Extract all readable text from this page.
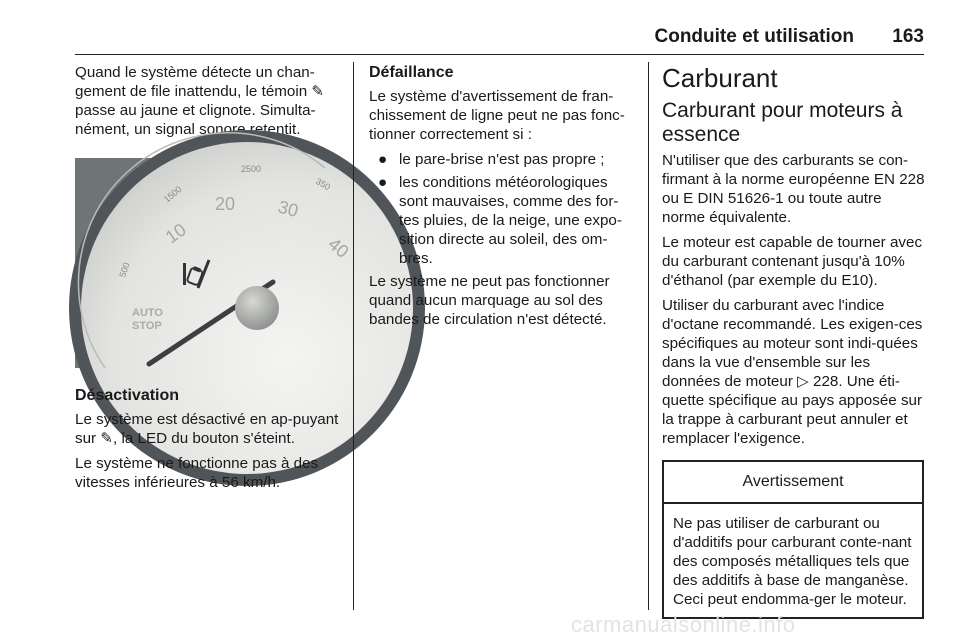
Conduite et utilisation 163

Quand le système détecte un chan-gement de file inattendu, le témoin ✎ passe au jaune et clignote. Simulta-nément, un signal sonore retentit.

500
1500
2500
350
10
20 30
40
AUTO
STOP
Désactivation

Le système est désactivé en ap-puyant sur ✎, la LED du bouton s'éteint.

Le système ne fonctionne pas à des vitesses inférieures à 56 km/h.

Défaillance

Le système d'avertissement de fran-chissement de ligne peut ne pas fonc-tionner correctement si :

● le pare-brise n'est pas propre ;
● les conditions météorologiques sont mauvaises, comme des for-tes pluies, de la neige, une expo-sition directe au soleil, des om-bres.

Le système ne peut pas fonctionner quand aucun marquage au sol des bandes de circulation n'est détecté.

Carburant
Carburant pour moteurs à essence

N'utiliser que des carburants se con-firmant à la norme européenne EN 228 ou E DIN 51626-1 ou toute autre norme équivalente.

Le moteur est capable de tourner avec du carburant contenant jusqu'à 10% d'éthanol (par exemple du E10).

Utiliser du carburant avec l'indice d'octane recommandé. Les exigen-ces spécifiques au moteur sont indi-quées dans la vue d'ensemble sur les données de moteur ▷ 228. Une éti-quette spécifique au pays apposée sur la trappe à carburant peut annuler et remplacer l'exigence.

Avertissement
Ne pas utiliser de carburant ou d'additifs pour carburant conte-nant des composés métalliques tels que des additifs à base de manganèse. Ceci peut endomma-ger le moteur.
carmanualsonline.info
